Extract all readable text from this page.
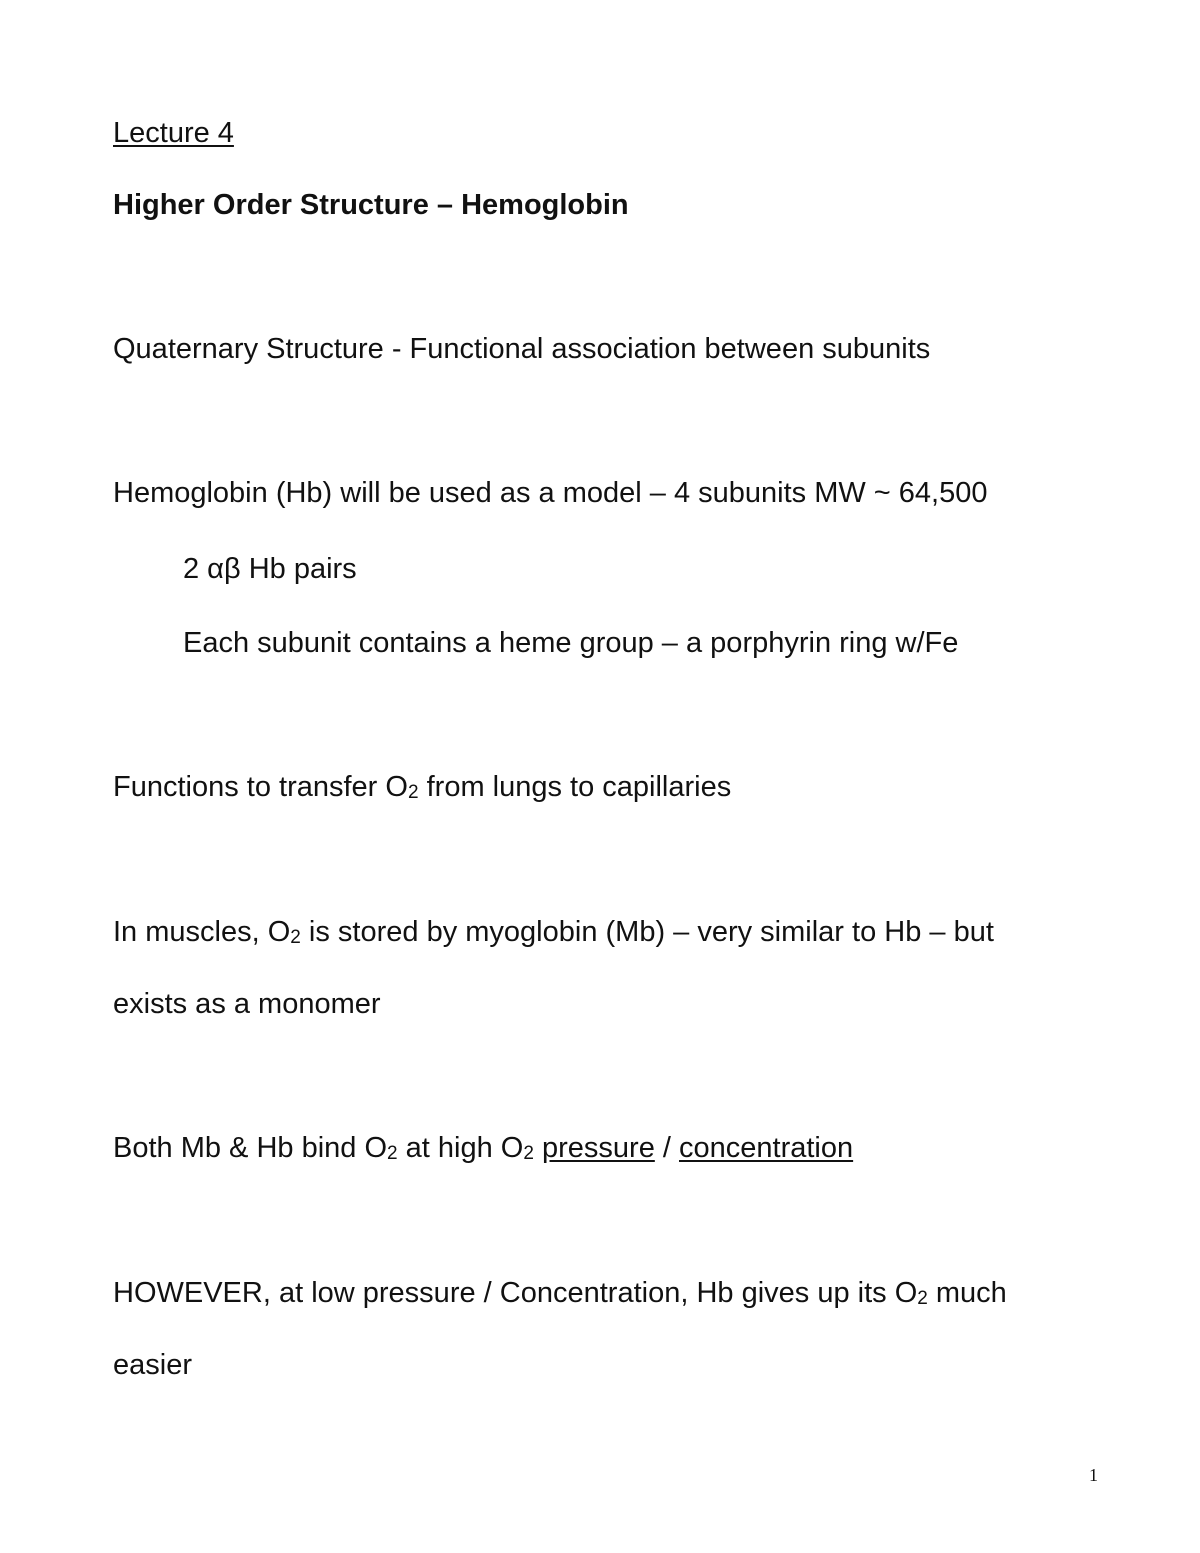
Lecture 4
Higher Order Structure – Hemoglobin
Quaternary Structure - Functional association between subunits
Hemoglobin (Hb) will be used as a model – 4 subunits MW ~ 64,500
2 αβ Hb pairs
Each subunit contains a heme group – a porphyrin ring w/Fe
Functions to transfer $O_2$ from lungs to capillaries
In muscles, $O_2$ is stored by myoglobin (Mb) – very similar to Hb – but
exists as a monomer
Both Mb & Hb bind $O_2$ at high $O_2$ pressure / concentration
HOWEVER, at low pressure / Concentration, Hb gives up its $O_2$ much
easier
1
